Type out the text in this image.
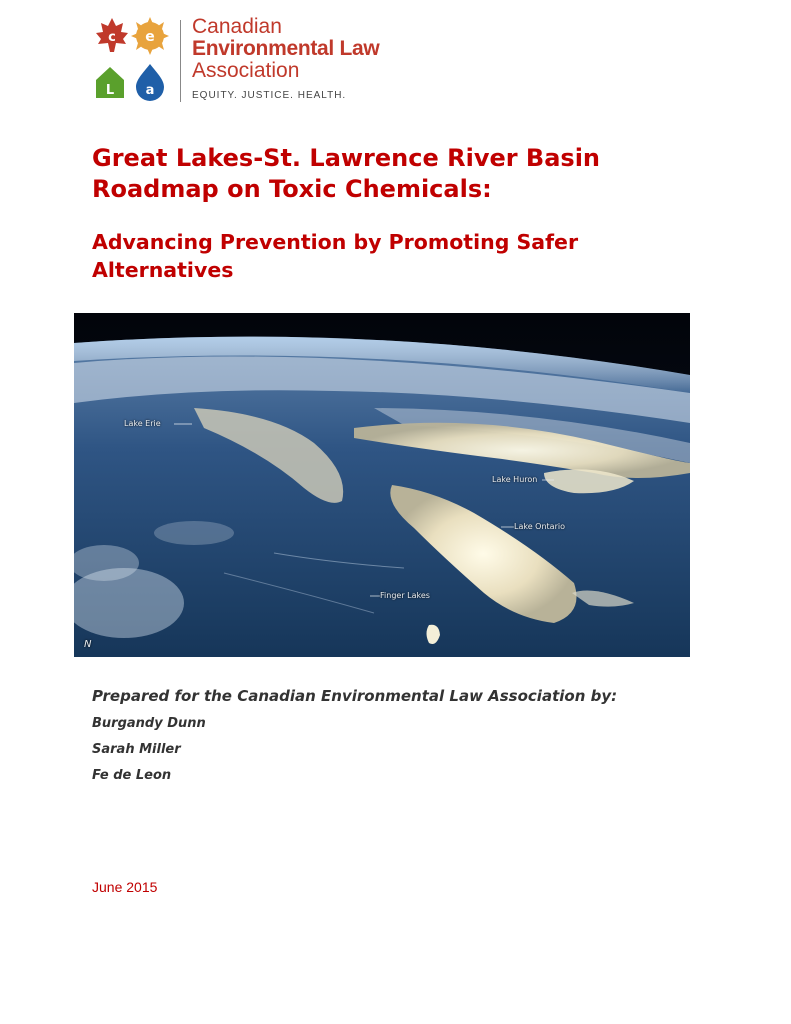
c e
L a
Canadian
Environmental Law
Association
EQUITY. JUSTICE. HEALTH.
Great Lakes-St. Lawrence River Basin Roadmap on Toxic Chemicals:
Advancing Prevention by Promoting Safer Alternatives
Lake Erie
Lake Huron
Lake Ontario
Finger Lakes
N
Prepared for the Canadian Environmental Law Association by:
Burgandy Dunn
Sarah Miller
Fe de Leon
June 2015
